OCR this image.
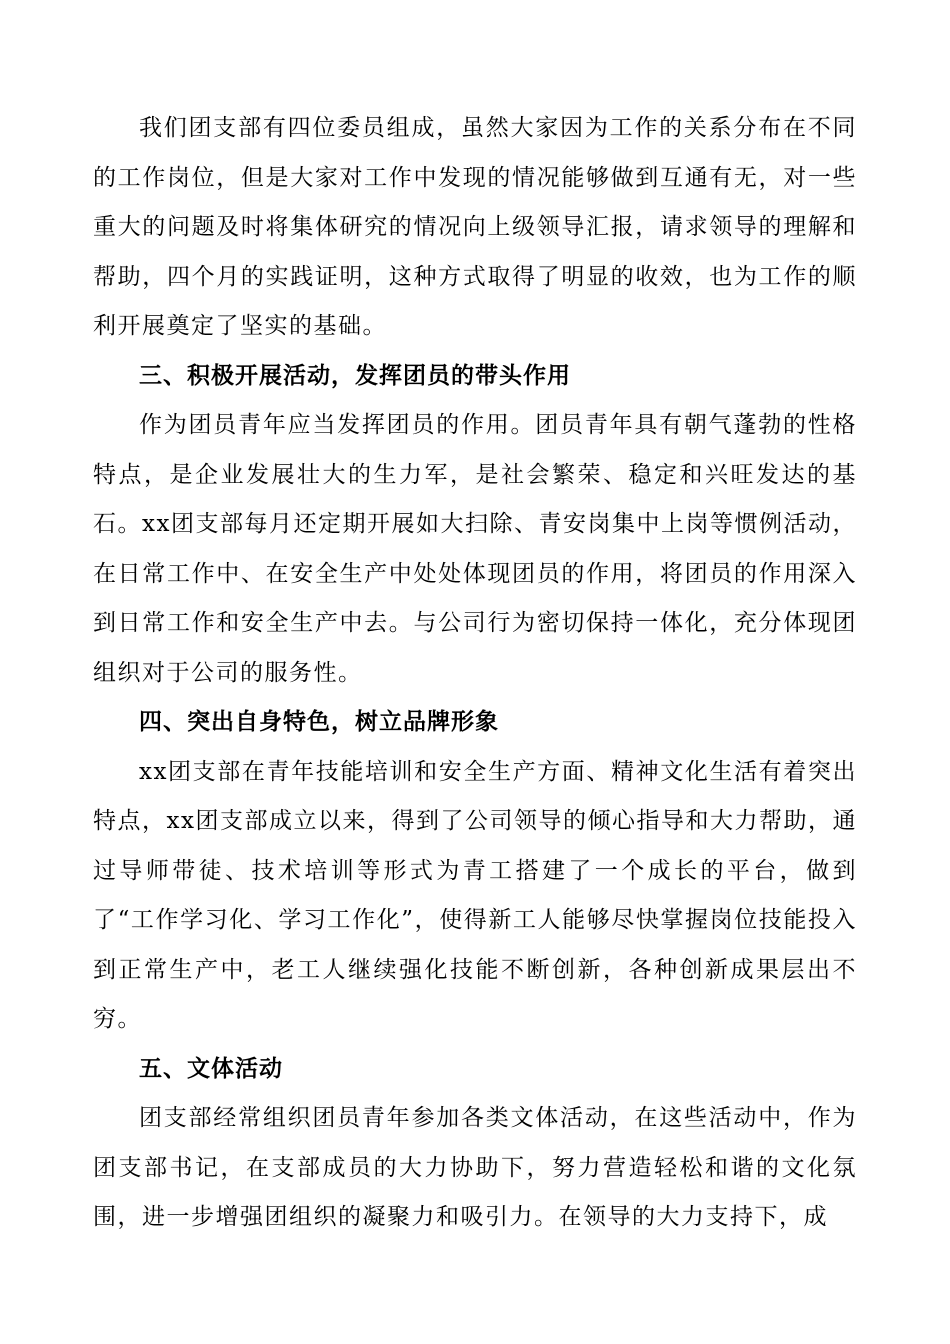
我们团支部有四位委员组成，虽然大家因为工作的关系分布在不同的工作岗位，但是大家对工作中发现的情况能够做到互通有无，对一些重大的问题及时将集体研究的情况向上级领导汇报，请求领导的理解和帮助，四个月的实践证明，这种方式取得了明显的收效，也为工作的顺利开展奠定了坚实的基础。

三、积极开展活动，发挥团员的带头作用

作为团员青年应当发挥团员的作用。团员青年具有朝气蓬勃的性格特点，是企业发展壮大的生力军，是社会繁荣、稳定和兴旺发达的基石。xx团支部每月还定期开展如大扫除、青安岗集中上岗等惯例活动，在日常工作中、在安全生产中处处体现团员的作用，将团员的作用深入到日常工作和安全生产中去。与公司行为密切保持一体化，充分体现团组织对于公司的服务性。

四、突出自身特色，树立品牌形象

xx团支部在青年技能培训和安全生产方面、精神文化生活有着突出特点，xx团支部成立以来，得到了公司领导的倾心指导和大力帮助，通过导师带徒、技术培训等形式为青工搭建了一个成长的平台，做到了“工作学习化、学习工作化”，使得新工人能够尽快掌握岗位技能投入到正常生产中，老工人继续强化技能不断创新，各种创新成果层出不穷。

五、文体活动

团支部经常组织团员青年参加各类文体活动，在这些活动中，作为团支部书记，在支部成员的大力协助下，努力营造轻松和谐的文化氛围，进一步增强团组织的凝聚力和吸引力。在领导的大力支持下，成
